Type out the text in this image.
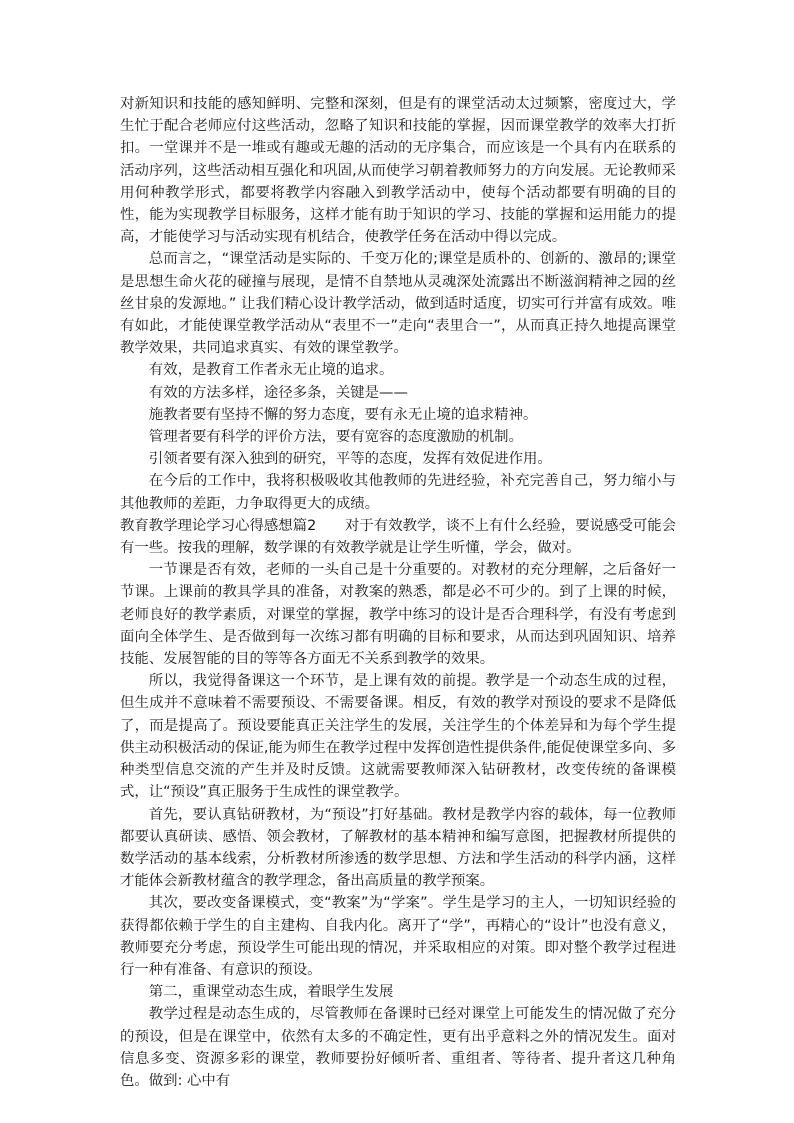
对新知识和技能的感知鲜明、完整和深刻，但是有的课堂活动太过频繁，密度过大，学生忙于配合老师应付这些活动，忽略了知识和技能的掌握，因而课堂教学的效率大打折扣。一堂课并不是一堆或有趣或无趣的活动的无序集合，而应该是一个具有内在联系的活动序列，这些活动相互强化和巩固,从而使学习朝着教师努力的方向发展。无论教师采用何种教学形式，都要将教学内容融入到教学活动中，使每个活动都要有明确的目的性，能为实现教学目标服务，这样才能有助于知识的学习、技能的掌握和运用能力的提高，才能使学习与活动实现有机结合，使教学任务在活动中得以完成。

总而言之，“课堂活动是实际的、千变万化的;课堂是质朴的、创新的、激昂的;课堂是思想生命火花的碰撞与展现，是情不自禁地从灵魂深处流露出不断滋润精神之园的丝丝甘泉的发源地。” 让我们精心设计教学活动，做到适时适度，切实可行并富有成效。唯有如此，才能使课堂教学活动从“表里不一”走向“表里合一”，从而真正持久地提高课堂教学效果，共同追求真实、有效的课堂教学。

有效，是教育工作者永无止境的追求。

有效的方法多样，途径多条，关键是——

施教者要有坚持不懈的努力态度，要有永无止境的追求精神。

管理者要有科学的评价方法，要有宽容的态度激励的机制。

引领者要有深入独到的研究，平等的态度，发挥有效促进作用。

在今后的工作中，我将积极吸收其他教师的先进经验，补充完善自己，努力缩小与其他教师的差距，力争取得更大的成绩。

教育教学理论学习心得感想篇2　　对于有效教学，谈不上有什么经验，要说感受可能会有一些。按我的理解，数学课的有效教学就是让学生听懂，学会，做对。

一节课是否有效，老师的一头自己是十分重要的。对教材的充分理解，之后备好一节课。上课前的教具学具的准备，对教案的熟悉，都是必不可少的。到了上课的时候，老师良好的教学素质，对课堂的掌握，教学中练习的设计是否合理科学，有没有考虑到面向全体学生、是否做到每一次练习都有明确的目标和要求，从而达到巩固知识、培养技能、发展智能的目的等等各方面无不关系到教学的效果。

所以，我觉得备课这一个环节，是上课有效的前提。教学是一个动态生成的过程，但生成并不意味着不需要预设、不需要备课。相反，有效的教学对预设的要求不是降低了，而是提高了。预设要能真正关注学生的发展，关注学生的个体差异和为每个学生提供主动积极活动的保证,能为师生在教学过程中发挥创造性提供条件,能促使课堂多向、多种类型信息交流的产生并及时反馈。这就需要教师深入钻研教材，改变传统的备课模式，让“预设”真正服务于生成性的课堂教学。

首先，要认真钻研教材，为“预设”打好基础。教材是教学内容的载体，每一位教师都要认真研读、感悟、领会教材，了解教材的基本精神和编写意图，把握教材所提供的数学活动的基本线索，分析教材所渗透的数学思想、方法和学生活动的科学内涵，这样才能体会新教材蕴含的教学理念，备出高质量的教学预案。

其次，要改变备课模式，变“教案”为“学案”。学生是学习的主人，一切知识经验的获得都依赖于学生的自主建构、自我内化。离开了“学”，再精心的“设计”也没有意义，教师要充分考虑，预设学生可能出现的情况，并采取相应的对策。即对整个教学过程进行一种有准备、有意识的预设。

第二，重课堂动态生成，着眼学生发展

教学过程是动态生成的，尽管教师在备课时已经对课堂上可能发生的情况做了充分的预设，但是在课堂中，依然有太多的不确定性，更有出乎意料之外的情况发生。面对信息多变、资源多彩的课堂，教师要扮好倾听者、重组者、等待者、提升者这几种角色。做到: 心中有
